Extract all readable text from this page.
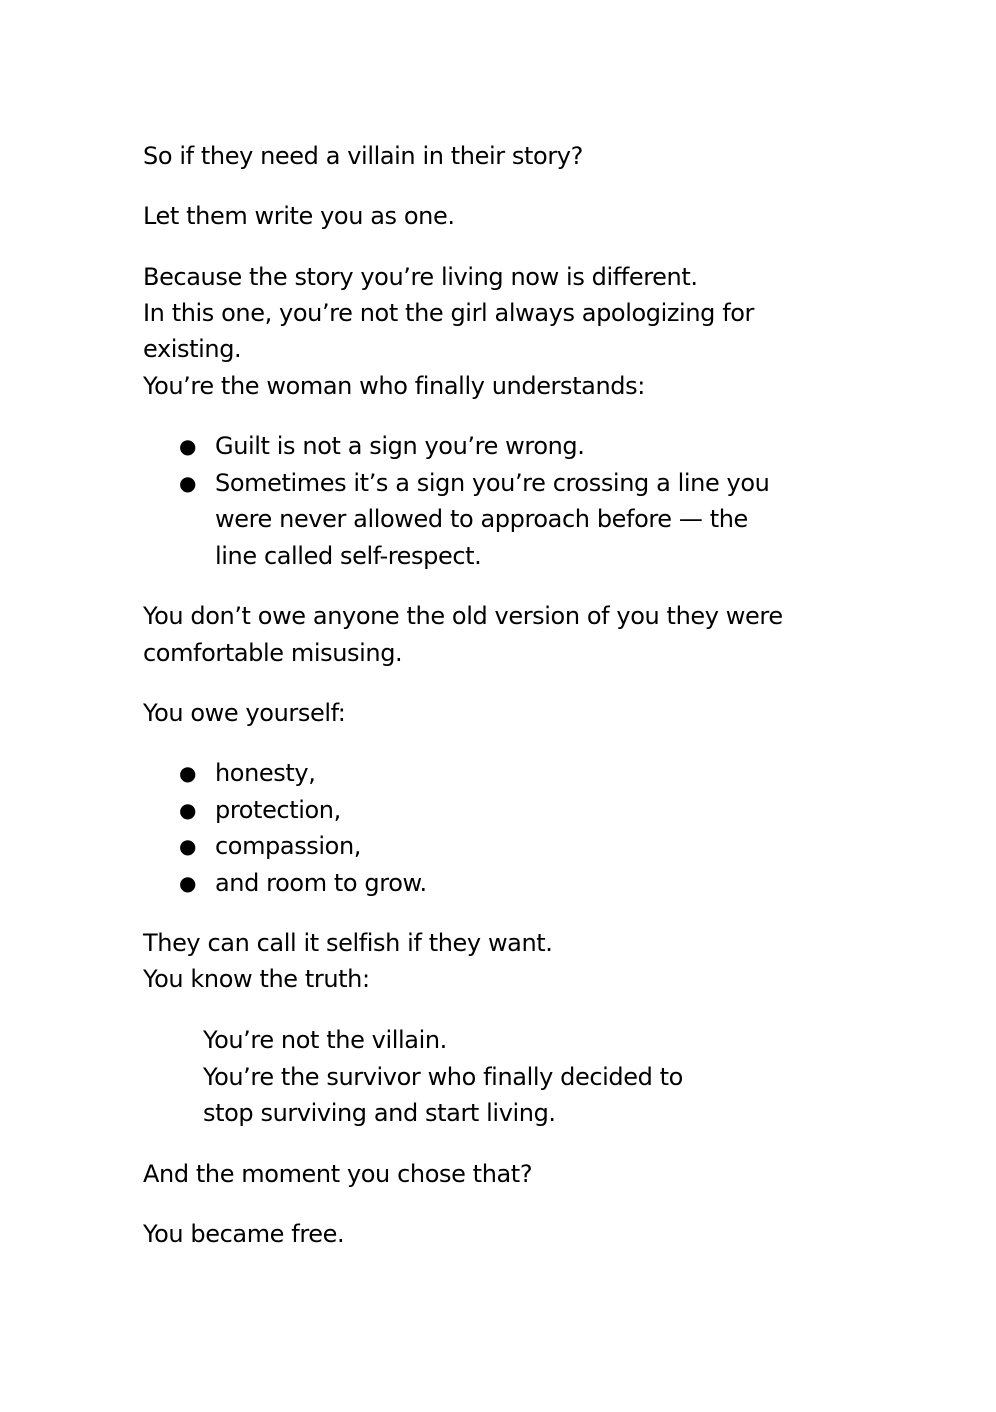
So if they need a villain in their story?
Let them write you as one.
Because the story you’re living now is different.
In this one, you’re not the girl always apologizing for
existing.
You’re the woman who finally understands:
● Guilt is not a sign you’re wrong.
● Sometimes it’s a sign you’re crossing a line you
were never allowed to approach before — the
line called self-respect.
You don’t owe anyone the old version of you they were
comfortable misusing.
You owe yourself:
● honesty,
● protection,
● compassion,
● and room to grow.
They can call it selfish if they want.
You know the truth:
You’re not the villain.
You’re the survivor who finally decided to
stop surviving and start living.
And the moment you chose that?
You became free.
